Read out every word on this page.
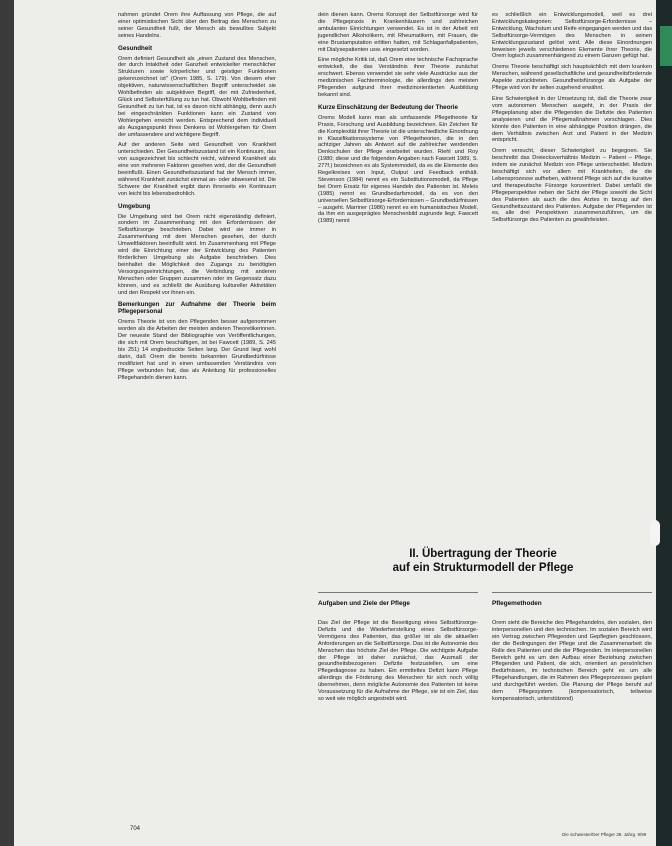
nahmen gründet Orem ihre Auffassung von Pflege, die auf einer optimistischen Sicht über den Beitrag des Menschen zu seiner Gesundheit fußt, der Mensch als bewußtes Subjekt seines Handelns.

Gesundheit

Orem definiert Gesundheit als „einen Zustand des Menschen, der durch Intaktheit oder Ganzheit entwickelter menschlicher Strukturen sowie körperlicher und geistiger Funktionen gekennzeichnet ist" (Orem 1985, S. 179). Von diesem eher objektiven, naturwissenschaftlichen Begriff unterscheidet sie Wohlbefinden als subjektiven Begriff, der mit Zufriedenheit, Glück und Selbsterfüllung zu tun hat. Obwohl Wohlbefinden mit Gesundheit zu tun hat, ist es davon nicht abhängig, denn auch bei eingeschränkten Funktionen kann ein Zustand von Wohlergehen erreicht werden. Entsprechend dem individuell als Ausgangspunkt ihres Denkens ist Wohlergehen für Orem der umfassendere und wichtigere Begriff.

Auf der anderen Seite wird Gesundheit von Krankheit unterschieden. Der Gesundheitszustand ist ein Kontinuum, das von ausgezeichnet bis schlecht reicht, während Krankheit als eine von mehreren Faktoren gesehen wird, der die Gesundheit beeinflußt. Einen Gesundheitszustand hat der Mensch immer, während Krankheit zunächst einmal an- oder abwesend ist. Die Schwere der Krankheit ergibt dann ihrerseits ein Kontinuum von leicht bis lebensbedrohlich.

Umgebung

Die Umgebung wird bei Orem nicht eigenständig definiert, sondern im Zusammenhang mit den Erfordernissen der Selbstfürsorge beschrieben. Dabei wird sie immer in Zusammenhang mit dem Menschen gesehen, der durch Umweltfaktoren beeinflußt wird. Im Zusammenhang mit Pflege wird die Einrichtung einer der Entwicklung des Patienten förderlichen Umgebung als Aufgabe beschrieben. Dies beinhaltet die Möglichkeit des Zugangs zu benötigten Versorgungseinrichtungen, die Verbindung mit anderen Menschen oder Gruppen zusammen oder im Gegensatz dazu können, und es schließt die Ausübung kultureller Aktivitäten und den Respekt vor ihnen ein.

Bemerkungen zur Aufnahme der Theorie beim Pflegepersonal

Orems Theorie ist von den Pflegenden besser aufgenommen worden als die Arbeiten der meisten anderen Theoretikerinnen. Der neueste Stand der Bibliographie von Veröffentlichungen, die sich mit Orem beschäftigen, ist bei Fawcett (1989, S. 245 bis 251) 14 engbedruckte Seiten lang. Der Grund liegt wohl darin, daß Orem die bereits bekannten Grundbedürfnisse modifiziert hat und in einen umfassenden Verständnis von Pflege verbunden hat, das als Anleitung für professionelles Pflegehandeln dienen kann.

dein dienen kann. Orems Konzept der Selbstfürsorge wird für die Pflegepraxis in Krankenhäusern und zahlreichen ambulanten Einrichtungen verwendet. Es ist in der Arbeit mit jugendlichen Alkoholikern, mit Rheumatikern, mit Frauen, die eine Brustamputation erlitten hatten, mit Schlaganfallpatienten, mit Dialysepatienten usw. eingesetzt worden.

Eine mögliche Kritik ist, daß Orem eine technische Fachsprache entwickelt, die das Verständnis ihrer Theorie zunächst erschwert. Ebenso verwendet sie sehr viele Ausdrücke aus der medizinischen Fachterminologie, die allerdings den meisten Pflegenden aufgrund ihrer medizinorientierten Ausbildung bekannt sind.

Kurze Einschätzung der Bedeutung der Theorie

Orems Modell kann man als umfassende Pflegetheorie für Praxis, Forschung und Ausbildung bezeichnen. Ein Zeichen für die Komplexität ihrer Theorie ist die unterschiedliche Einordnung in Klassifikationssysteme von Pflegetheorien, die in den achtziger Jahren als Antwort auf die zahlreicher werdenden Denkschulen der Pflege erarbeitet wurden. Riehl und Roy (1980; diese und die folgenden Angaben nach Fawcett 1989, S. 277f.) bezeichnen es als Systemmodell, da es die Elemente des Regelkreises von Input, Output und Feedback enthält. Stevenson (1984) nennt es ein Substitutionsmodell, da Pflege bei Orem Ersatz für eigenes Handeln des Patienten ist. Meleis (1985) nennt es Grundbedarfsmodell, da es von den universellen Selbstfürsorge-Erfordernissen – Grundbedürfnissen – ausgeht. Marriner (1986) nennt es ein humanistisches Modell, da ihm ein ausgeprägtes Menschenbild zugrunde liegt. Fawcett (1989) nennt

es schließlich ein Entwicklungsmodell, weil es drei Entwicklungskategorien: Selbstfürsorge-Erfordernisse – Entwicklung, Wachstum und Reife eingegangen werden und das Selbstfürsorge-Vermögen des Menschen in seinen Entwicklungszustand gelöst wird. Alle diese Einordnungen beweisen jeweils verschiedenen Elemente ihrer Theorie, die Orem logisch zusammenhängend zu einem Ganzen gefügt hat.

Orems Theorie beschäftigt sich hauptsächlich mit dem kranken Menschen, während gesellschaftliche und gesundheitsfördernde Aspekte zurücktreten. Gesundheitsfürsorge als Aufgabe der Pflege wird von ihr selten zugehend erwähnt.

Eine Schwierigkeit in der Umsetzung ist, daß die Theorie zwar vom autonomen Menschen ausgeht, in der Praxis der Pflegeplanung aber die Pflegenden die Defizite des Patienten analysieren und die Pflegemaßnahmen vorschlagen. Dies könnte den Patienten in eine abhängige Position drängen, die dem Verhältnis zwischen Arzt und Patient in der Medizin entspricht.

Orem versucht, dieser Schwierigkeit zu begegnen. Sie beschreibt das Dreiecksverhältnis Medizin – Patient – Pflege, indem sie zunächst Medizin von Pflege unterscheidet. Medizin beschäftigt sich vor allem mit Krankheiten, die die Lebensprozesse aufheben, während Pflege sich auf die kurative und therapeutische Fürsorge konzentriert. Dabei umfaßt die Pflegeperspektive neben der Sicht der Pflege sowohl die Sicht des Patienten als auch die des Arztes in bezug auf den Gesundheitszustand des Patienten. Aufgabe der Pflegenden ist es, alle drei Perspektiven zusammenzuführen, um die Selbstfürsorge des Patienten zu gewährleisten.

II. Übertragung der Theorie
auf ein Strukturmodell der Pflege
Aufgaben und Ziele der Pflege	Pflegemethoden

Das Ziel der Pflege ist die Beseitigung eines Selbstfürsorge-Defizits und die Wiederherstellung eines Selbstfürsorge-Vermögens des Patienten, das größer ist als die aktuellen Anforderungen an die Selbstfürsorge. Das ist die Autonomie des Menschen das höchste Ziel der Pflege. Die wichtigste Aufgabe der Pflege ist daher zunächst, das Ausmaß der gesundheitsbezogenen Defizite festzustellen, um eine Pflegediagnose zu haben. Ein ermitteltes Defizit kann Pflege allerdings die Förderung des Menschen für sich noch völlig übernehmen, denn mögliche Autonomie des Patienten ist keine Voraussetzung für die Aufnahme der Pflege, sie ist ein Ziel, das so weit wie möglich angestrebt wird.

Orem sieht die Bereiche des Pflegehandelns, den sozialen, den interpersonellen und den technischen. Im sozialen Bereich wird ein Vertrag zwischen Pflegenden und Gepflegten geschlossen, der die Bedingungen der Pflege und die Zusammenarbeit die Rolle des Patienten und die der Pflegenden. Im interpersonellen Bereich geht es um den Aufbau einer Beziehung zwischen Pflegenden und Patient, die sich, orientiert an persönlichen Bedürfnissen, im technischen Bereich geht es um alle Pflegehandlungen, die im Rahmen des Pflegeprozesses geplant und durchgeführt werden. Die Planung der Pflege beruht auf dem Pflegesystem (kompensatorisch, teilweise kompensatorisch, unterstützend)

704
Die Schwester/Der Pfleger 38. Jahrg. 9/99
